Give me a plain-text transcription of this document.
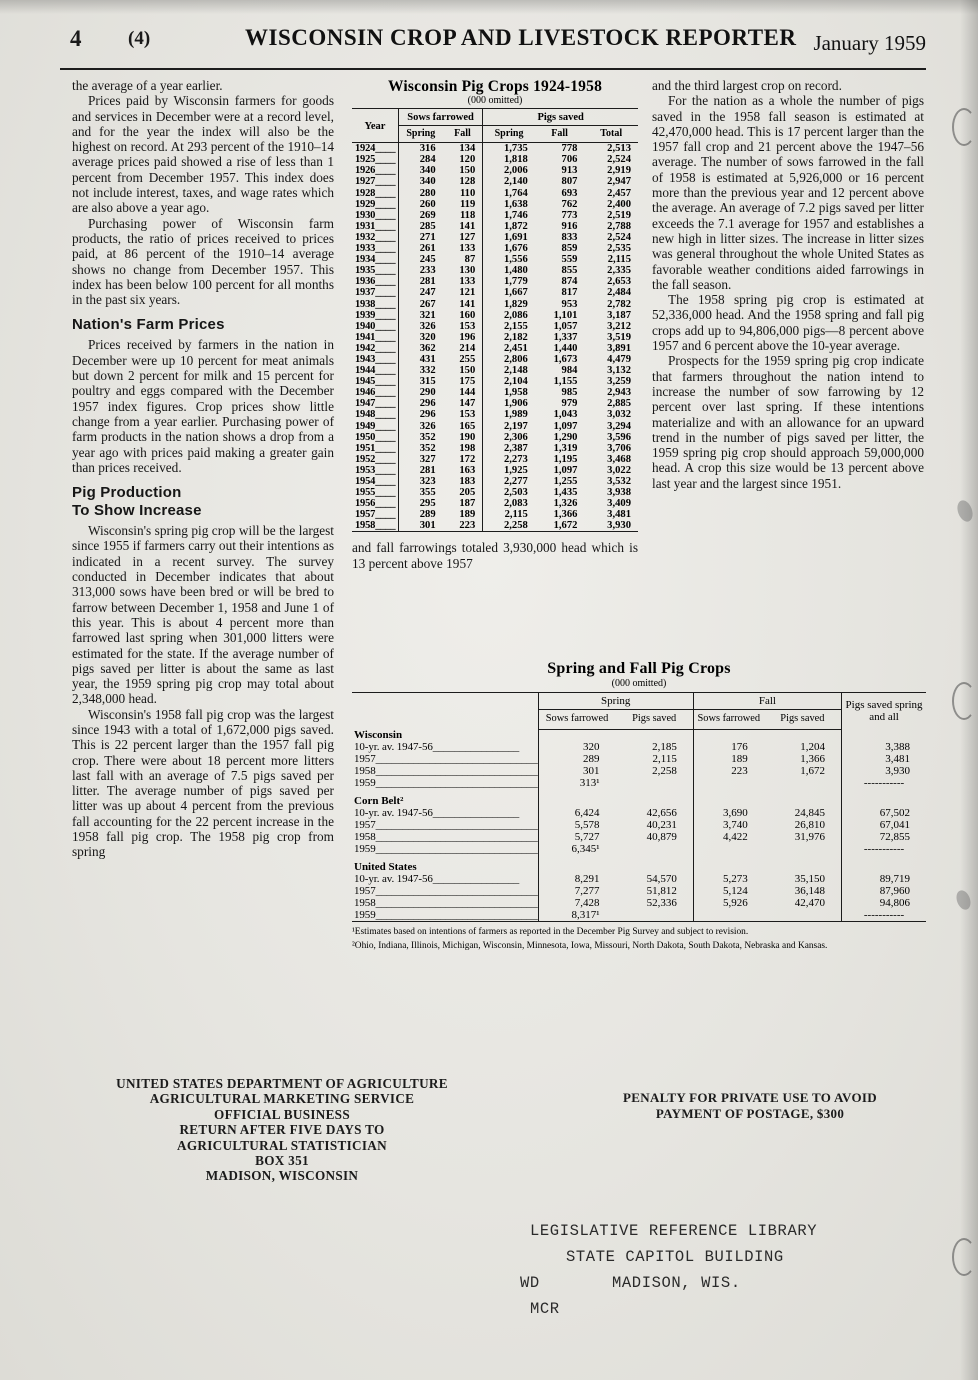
4 (4)	WISCONSIN CROP AND LIVESTOCK REPORTER January 1959

the average of a year earlier.

Prices paid by Wisconsin farmers for goods and services in December were at a record level, and for the year the index will also be the highest on record. At 293 percent of the 1910–14 average prices paid showed a rise of less than 1 percent from December 1957. This index does not include interest, taxes, and wage rates which are also above a year ago.

Purchasing power of Wisconsin farm products, the ratio of prices received to prices paid, at 86 percent of the 1910–14 average shows no change from December 1957. This index has been below 100 percent for all months in the past six years.

Nation's Farm Prices

Prices received by farmers in the nation in December were up 10 percent for meat animals but down 2 percent for milk and 15 percent for poultry and eggs compared with the December 1957 index figures. Crop prices show little change from a year earlier. Purchasing power of farm products in the nation shows a drop from a year ago with prices paid making a greater gain than prices received.

Pig Production
To Show Increase

Wisconsin's spring pig crop will be the largest since 1955 if farmers carry out their intentions as indicated in a recent survey. The survey conducted in December indicates that about 313,000 sows have been bred or will be bred to farrow between December 1, 1958 and June 1 of this year. This is about 4 percent more than farrowed last spring when 301,000 litters were estimated for the state. If the average number of pigs saved per litter is about the same as last year, the 1959 spring pig crop may total about 2,348,000 head.

Wisconsin's 1958 fall pig crop was the largest since 1943 with a total of 1,672,000 pigs saved. This is 22 percent larger than the 1957 fall pig crop. There were about 18 percent more litters last fall with an average of 7.5 pigs saved per litter. The average number of pigs saved per litter was up about 4 percent from the previous fall accounting for the 22 percent increase in the 1958 fall pig crop. The 1958 pig crop from spring

Wisconsin Pig Crops 1924-1958
(000 omitted)
Year	Sows farrowed		Pigs saved		
	Spring	Fall	Spring	Fall	Total
1924____	316	134	1,735	778	2,513
1925____	284	120	1,818	706	2,524
1926____	340	150	2,006	913	2,919
1927____	340	128	2,140	807	2,947
1928____	280	110	1,764	693	2,457
1929____	260	119	1,638	762	2,400
1930____	269	118	1,746	773	2,519
1931____	285	141	1,872	916	2,788
1932____	271	127	1,691	833	2,524
1933____	261	133	1,676	859	2,535
1934____	245	87	1,556	559	2,115
1935____	233	130	1,480	855	2,335
1936____	281	133	1,779	874	2,653
1937____	247	121	1,667	817	2,484
1938____	267	141	1,829	953	2,782
1939____	321	160	2,086	1,101	3,187
1940____	326	153	2,155	1,057	3,212
1941____	320	196	2,182	1,337	3,519
1942____	362	214	2,451	1,440	3,891
1943____	431	255	2,806	1,673	4,479
1944____	332	150	2,148	984	3,132
1945____	315	175	2,104	1,155	3,259
1946____	290	144	1,958	985	2,943
1947____	296	147	1,906	979	2,885
1948____	296	153	1,989	1,043	3,032
1949____	326	165	2,197	1,097	3,294
1950____	352	190	2,306	1,290	3,596
1951____	352	198	2,387	1,319	3,706
1952____	327	172	2,273	1,195	3,468
1953____	281	163	1,925	1,097	3,022
1954____	323	183	2,277	1,255	3,532
1955____	355	205	2,503	1,435	3,938
1956____	295	187	2,083	1,326	3,409
1957____	289	189	2,115	1,366	3,481
1958____	301	223	2,258	1,672	3,930
and fall farrowings totaled 3,930,000 head which is 13 percent above 1957

and the third largest crop on record.

For the nation as a whole the number of pigs saved in the 1958 fall season is estimated at 42,470,000 head. This is 17 percent larger than the 1957 fall crop and 21 percent above the 1947–56 average. The number of sows farrowed in the fall of 1958 is estimated at 5,926,000 or 16 percent more than the previous year and 12 percent above the average. An average of 7.2 pigs saved per litter exceeds the 7.1 average for 1957 and establishes a new high in litter sizes. The increase in litter sizes was general throughout the whole United States as favorable weather conditions aided farrowings in the fall season.

The 1958 spring pig crop is estimated at 52,336,000 head. And the 1958 spring and fall pig crops add up to 94,806,000 pigs—8 percent above 1957 and 6 percent above the 10-year average.

Prospects for the 1959 spring pig crop indicate that farmers throughout the nation intend to increase the number of sow farrowing by 12 percent over last spring. If these intentions materialize and with an allowance for an upward trend in the number of pigs saved per litter, the 1959 spring pig crop should approach 59,000,000 head. A crop this size would be 13 percent above last year and the largest since 1951.

Spring and Fall Pig Crops
(000 omitted)
	Spring		Fall		Pigs saved spring and all
	Sows farrowed	Pigs saved	Sows farrowed	Pigs saved	
Wisconsin					
10-yr. av. 1947-56________________	320	2,185	176	1,204	3,388
1957______________________________	289	2,115	189	1,366	3,481
1958______________________________	301	2,258	223	1,672	3,930
1959______________________________	313¹				-----------

Corn Belt²					
10-yr. av. 1947-56________________	6,424	42,656	3,690	24,845	67,502
1957______________________________	5,578	40,231	3,740	26,810	67,041
1958______________________________	5,727	40,879	4,422	31,976	72,855
1959______________________________	6,345¹				-----------

United States					
10-yr. av. 1947-56________________	8,291	54,570	5,273	35,150	89,719
1957______________________________	7,277	51,812	5,124	36,148	87,960
1958______________________________	7,428	52,336	5,926	42,470	94,806
1959______________________________	8,317¹				-----------

¹Estimates based on intentions of farmers as reported in the December Pig Survey and subject to revision.
²Ohio, Indiana, Illinois, Michigan, Wisconsin, Minnesota, Iowa, Missouri, North Dakota, South Dakota, Nebraska and Kansas.
UNITED STATES DEPARTMENT OF AGRICULTURE
AGRICULTURAL MARKETING SERVICE
OFFICIAL BUSINESS
RETURN AFTER FIVE DAYS TO
AGRICULTURAL STATISTICIAN
BOX 351
MADISON, WISCONSIN
PENALTY FOR PRIVATE USE TO AVOID
PAYMENT OF POSTAGE, $300
LEGISLATIVE REFERENCE LIBRARY
STATE CAPITOL BUILDING
WD	MADISON, WIS.
MCR
